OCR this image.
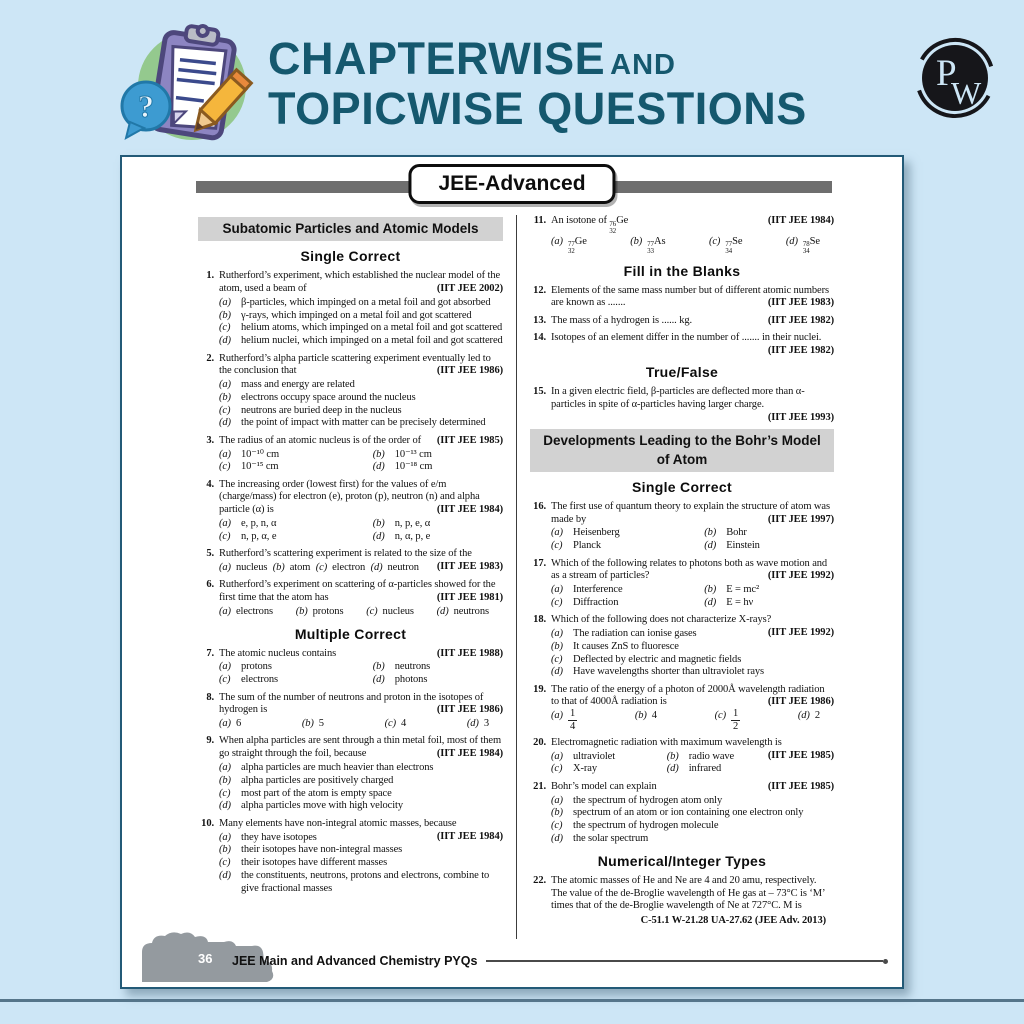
?
CHAPTERWISE AND
TOPICWISE QUESTIONS
P
W
JEE-Advanced
Subatomic Particles and Atomic Models
Single Correct
1. Rutherford’s experiment, which established the nuclear model of the atom, used a beam of	(IIT JEE 2002)
(a) β-particles, which impinged on a metal foil and got absorbed
(b) γ-rays, which impinged on a metal foil and got scattered
(c)	helium atoms, which impinged on a metal foil and got scattered
(d) helium nuclei, which impinged on a metal foil and got scattered
2. Rutherford’s alpha particle scattering experiment eventually led to the conclusion that	(IIT JEE 1986)
(a) mass and energy are related
(b) electrons occupy space around the nucleus
(c)	neutrons are buried deep in the nucleus
(d) the point of impact with matter can be precisely determined
3. The radius of an atomic nucleus is of the order of	(IIT JEE 1985)
(a) 10⁻¹⁰ cm	(b) 10⁻¹³ cm
(c)	10⁻¹⁵ cm	(d) 10⁻¹⁸ cm
4. The increasing order (lowest first) for the values of e/m (charge/mass) for electron (e), proton (p), neutron (n) and alpha particle (α) is	(IIT JEE 1984)
(a) e, p, n, α	(b) n, p, e, α
(c)	n, p, α, e	(d) n, α, p, e
5. Rutherford’s scattering experiment is related to the size of the
(IIT JEE 1983)
(a) nucleus (b) atom (c) electron (d) neutron
6. Rutherford’s experiment on scattering of α-particles showed for the first time that the atom has	(IIT JEE 1981)
(a) electrons (b) protons (c) nucleus (d) neutrons
Multiple Correct
7. The atomic nucleus contains	(IIT JEE 1988)
(a) protons	(b) neutrons
(c)	electrons	(d) photons
8. The sum of the number of neutrons and proton in the isotopes of hydrogen is	(IIT JEE 1986)
(a) 6	(b) 5	(c) 4	(d) 3
9. When alpha particles are sent through a thin metal foil, most of them go straight through the foil, because	(IIT JEE 1984)
(a) alpha particles are much heavier than electrons
(b) alpha particles are positively charged
(c)	most part of the atom is empty space
(d) alpha particles move with high velocity
10. Many elements have non-integral atomic masses, because
(IIT JEE 1984)
(a) they have isotopes
(b) their isotopes have non-integral masses
(c)	their isotopes have different masses
(d) the constituents, neutrons, protons and electrons, combine to give fractional masses
11. An isotone of 76
32
Ge	(IIT JEE 1984)
(a) 77
32
Ge	(b) 77
33
As	(c) 77
34
Se	(d) 78
34
Se
Fill in the Blanks
12. Elements of the same mass number but of different atomic numbers are known as .......	(IIT JEE 1983)
13. The mass of a hydrogen is ...... kg.	(IIT JEE 1982)
14. Isotopes of an element differ in the number of ....... in their nuclei.
(IIT JEE 1982)
True/False
15. In a given electric field, β-particles are deflected more than α-particles in spite of α-particles having larger charge.
(IIT JEE 1993)
Developments Leading to the Bohr’s Model of Atom
Single Correct
16. The first use of quantum theory to explain the structure of atom was made by	(IIT JEE 1997)
(a) Heisenberg	(b) Bohr
(c)	Planck	(d) Einstein
17. Which of the following relates to photons both as wave motion and as a stream of particles?	(IIT JEE 1992)
(a) Interference	(b) E = mc²
(c)	Diffraction	(d) E = hν
18. Which of the following does not characterize X-rays?
(IIT JEE 1992)
(a) The radiation can ionise gases
(b) It causes ZnS to fluoresce
(c)	Deflected by electric and magnetic fields
(d) Have wavelengths shorter than ultraviolet rays
19. The ratio of the energy of a photon of 2000Å wavelength radiation to that of 4000Å radiation is	(IIT JEE 1986)
$(a) \frac{1}{4}$	(b) 4	$(c) \frac{1}{2}$	(d) 2
20. Electromagnetic radiation with maximum wavelength is
(IIT JEE 1985)
(a) ultraviolet	(b) radio wave
(c)	X-ray	(d) infrared
21. Bohr’s model can explain	(IIT JEE 1985)
(a) the spectrum of hydrogen atom only
(b) spectrum of an atom or ion containing one electron only
(c)	the spectrum of hydrogen molecule
(d) the solar spectrum
Numerical/Integer Types
22. The atomic masses of He and Ne are 4 and 20 amu, respectively. The value of the de-Broglie wavelength of He gas at – 73°C is ‘M’ times that of the de-Broglie wavelength of Ne at 727°C. M is
C-51.1 W-21.28 UA-27.62 (JEE Adv. 2013)
36 JEE Main and Advanced Chemistry PYQs
